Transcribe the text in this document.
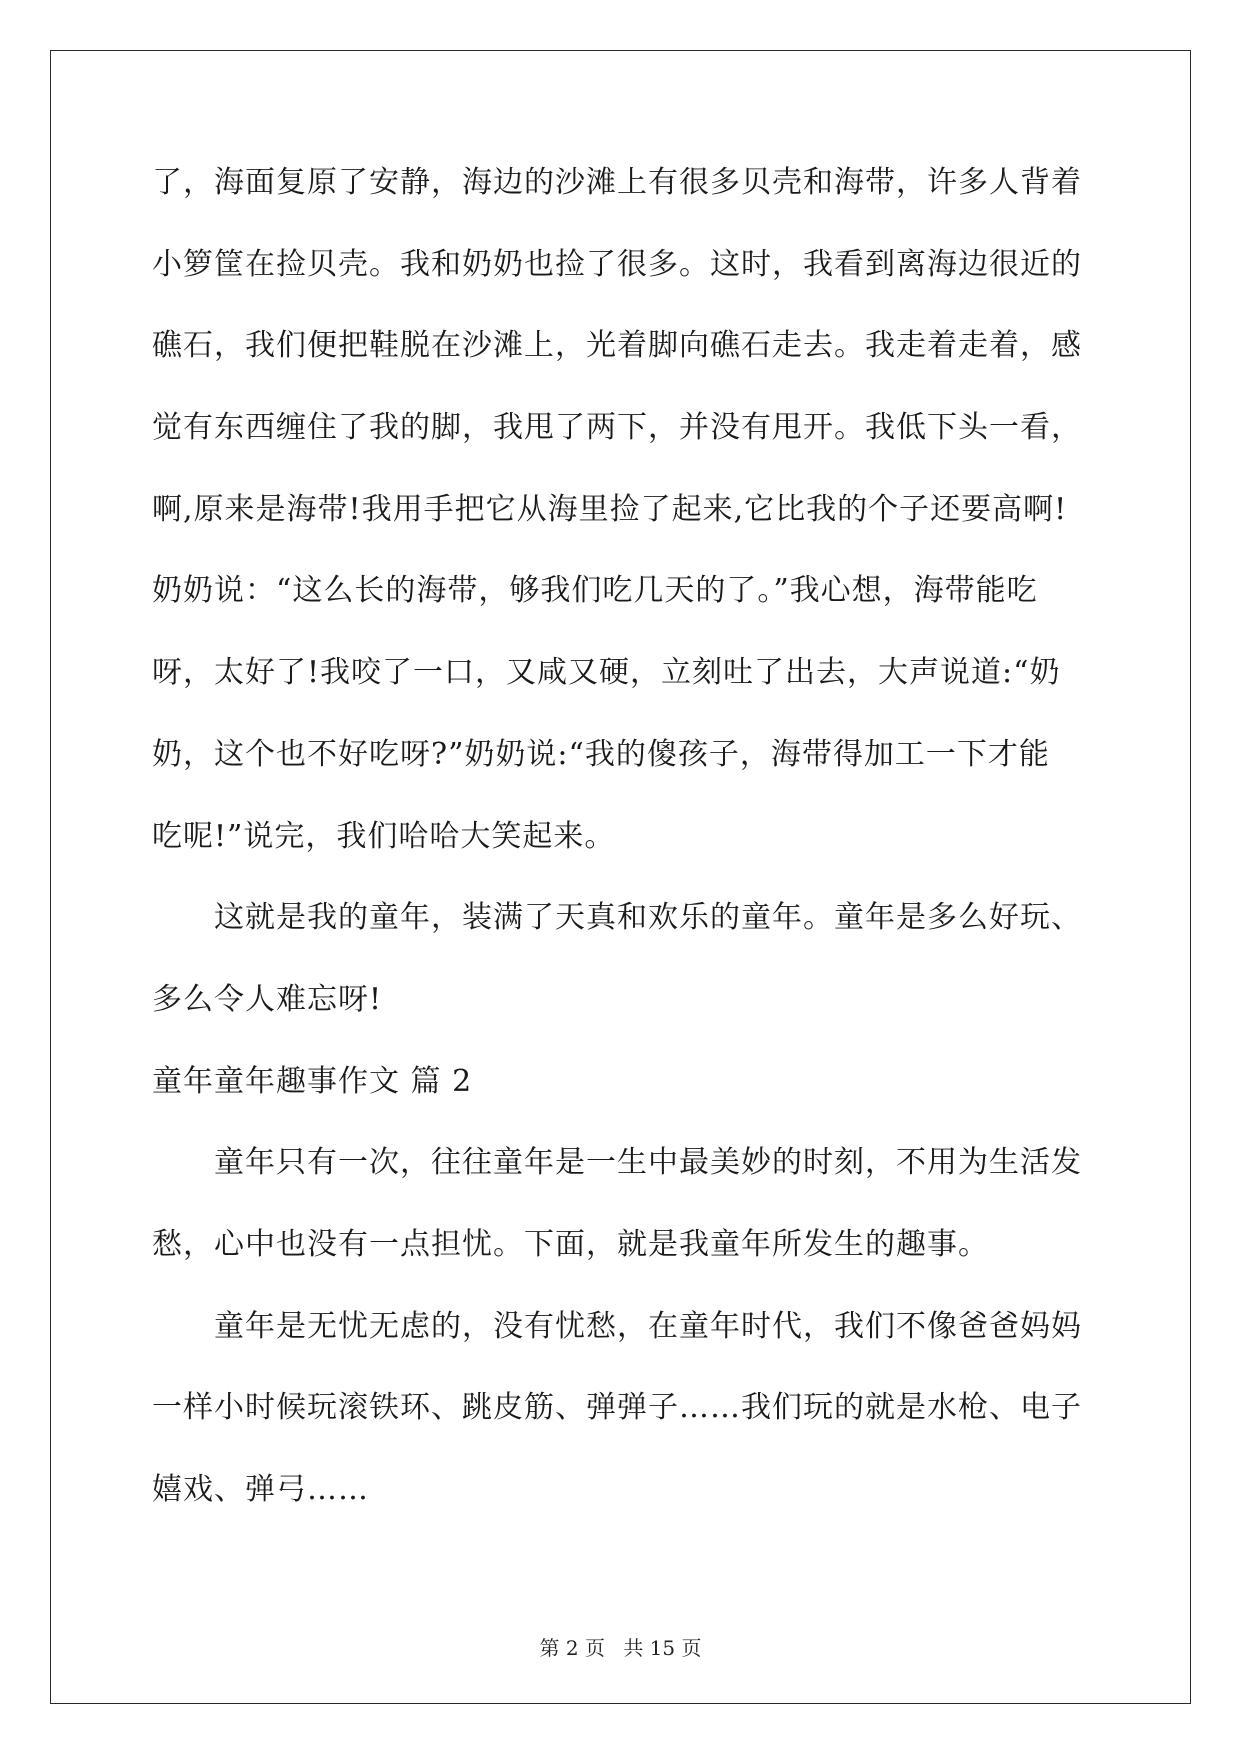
了，海面复原了安静，海边的沙滩上有很多贝壳和海带，许多人背着
小箩筐在捡贝壳。我和奶奶也捡了很多。这时，我看到离海边很近的
礁石，我们便把鞋脱在沙滩上，光着脚向礁石走去。我走着走着，感
觉有东西缠住了我的脚，我甩了两下，并没有甩开。我低下头一看，
啊,原来是海带!我用手把它从海里捡了起来,它比我的个子还要高啊!
奶奶说：“这么长的海带，够我们吃几天的了。”我心想，海带能吃
呀，太好了!我咬了一口，又咸又硬，立刻吐了出去，大声说道:“奶
奶，这个也不好吃呀?”奶奶说:“我的傻孩子，海带得加工一下才能
吃呢!”说完，我们哈哈大笑起来。
这就是我的童年，装满了天真和欢乐的童年。童年是多么好玩、
多么令人难忘呀!
童年童年趣事作文 篇 2
童年只有一次，往往童年是一生中最美妙的时刻，不用为生活发
愁，心中也没有一点担忧。下面，就是我童年所发生的趣事。
童年是无忧无虑的，没有忧愁，在童年时代，我们不像爸爸妈妈
一样小时候玩滚铁环、跳皮筋、弹弹子……我们玩的就是水枪、电子
嬉戏、弹弓……
第 2 页 共 15 页
